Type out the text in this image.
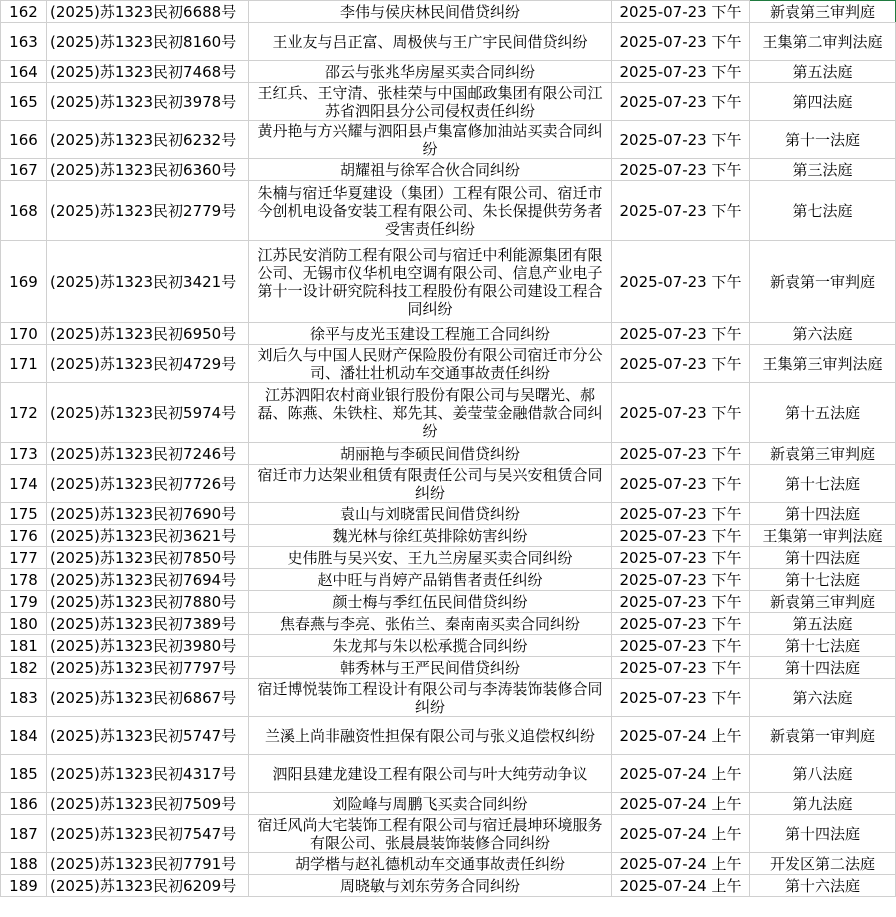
162	(2025)苏1323民初6688号	李伟与侯庆林民间借贷纠纷	2025-07-23 下午	新袁第三审判庭
163	(2025)苏1323民初8160号	王业友与吕正富、周极侠与王广宇民间借贷纠纷	2025-07-23 下午	王集第二审判法庭
164	(2025)苏1323民初7468号	邵云与张兆华房屋买卖合同纠纷	2025-07-23 下午	第五法庭
165	(2025)苏1323民初3978号	王红兵、王守清、张桂荣与中国邮政集团有限公司江苏省泗阳县分公司侵权责任纠纷	2025-07-23 下午	第四法庭
166	(2025)苏1323民初6232号	黄丹艳与方兴耀与泗阳县卢集富修加油站买卖合同纠纷	2025-07-23 下午	第十一法庭
167	(2025)苏1323民初6360号	胡耀祖与徐军合伙合同纠纷	2025-07-23 下午	第三法庭
168	(2025)苏1323民初2779号	朱楠与宿迁华夏建设（集团）工程有限公司、宿迁市今创机电设备安装工程有限公司、朱长保提供劳务者受害责任纠纷	2025-07-23 下午	第七法庭
169	(2025)苏1323民初3421号	江苏民安消防工程有限公司与宿迁中利能源集团有限公司、无锡市仪华机电空调有限公司、信息产业电子第十一设计研究院科技工程股份有限公司建设工程合同纠纷	2025-07-23 下午	新袁第一审判庭
170	(2025)苏1323民初6950号	徐平与皮光玉建设工程施工合同纠纷	2025-07-23 下午	第六法庭
171	(2025)苏1323民初4729号	刘后久与中国人民财产保险股份有限公司宿迁市分公司、潘壮壮机动车交通事故责任纠纷	2025-07-23 下午	王集第三审判法庭
172	(2025)苏1323民初5974号	江苏泗阳农村商业银行股份有限公司与吴曙光、郝磊、陈燕、朱铁柱、郑先其、姜莹莹金融借款合同纠纷	2025-07-23 下午	第十五法庭
173	(2025)苏1323民初7246号	胡丽艳与李硕民间借贷纠纷	2025-07-23 下午	新袁第三审判庭
174	(2025)苏1323民初7726号	宿迁市力达架业租赁有限责任公司与吴兴安租赁合同纠纷	2025-07-23 下午	第十七法庭
175	(2025)苏1323民初7690号	袁山与刘晓雷民间借贷纠纷	2025-07-23 下午	第十四法庭
176	(2025)苏1323民初3621号	魏光林与徐红英排除妨害纠纷	2025-07-23 下午	王集第一审判法庭
177	(2025)苏1323民初7850号	史伟胜与吴兴安、王九兰房屋买卖合同纠纷	2025-07-23 下午	第十四法庭
178	(2025)苏1323民初7694号	赵中旺与肖婷产品销售者责任纠纷	2025-07-23 下午	第十七法庭
179	(2025)苏1323民初7880号	颜士梅与季红伍民间借贷纠纷	2025-07-23 下午	新袁第三审判庭
180	(2025)苏1323民初7389号	焦春燕与李亮、张佑兰、秦南南买卖合同纠纷	2025-07-23 下午	第五法庭
181	(2025)苏1323民初3980号	朱龙邦与朱以松承揽合同纠纷	2025-07-23 下午	第十七法庭
182	(2025)苏1323民初7797号	韩秀林与王严民间借贷纠纷	2025-07-23 下午	第十四法庭
183	(2025)苏1323民初6867号	宿迁博悦装饰工程设计有限公司与李涛装饰装修合同纠纷	2025-07-23 下午	第六法庭
184	(2025)苏1323民初5747号	兰溪上尚非融资性担保有限公司与张义追偿权纠纷	2025-07-24 上午	新袁第一审判庭
185	(2025)苏1323民初4317号	泗阳县建龙建设工程有限公司与叶大纯劳动争议	2025-07-24 上午	第八法庭
186	(2025)苏1323民初7509号	刘险峰与周鹏飞买卖合同纠纷	2025-07-24 上午	第九法庭
187	(2025)苏1323民初7547号	宿迁风尚大宅装饰工程有限公司与宿迁晨坤环境服务有限公司、张晨晨装饰装修合同纠纷	2025-07-24 上午	第十四法庭
188	(2025)苏1323民初7791号	胡学楷与赵礼德机动车交通事故责任纠纷	2025-07-24 上午	开发区第二法庭
189	(2025)苏1323民初6209号	周晓敏与刘东劳务合同纠纷	2025-07-24 上午	第十六法庭
